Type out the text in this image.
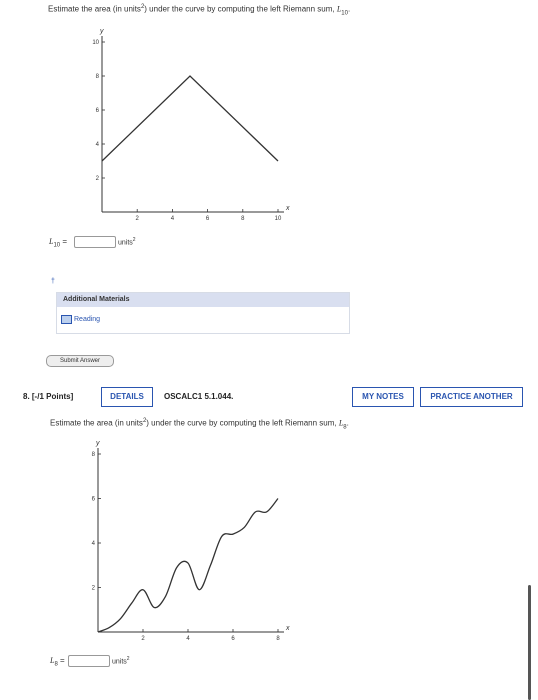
Estimate the area (in units$^2$) under the curve by computing the left Riemann sum, $L_{10}$.
x
y
2	4	6	8	10
2
4
6
8
10
$L_{10}$ =	units$^2$
†
Additional Materials
Reading
Submit Answer
8. [-/1 Points]	DETAILS	OSCALC1 5.1.044.	MY NOTES	PRACTICE ANOTHER
Estimate the area (in units$^2$) under the curve by computing the left Riemann sum, $L_8$.
x
y
2	4	6	8
2
4
6
8
$L_8$ =	units$^2$
